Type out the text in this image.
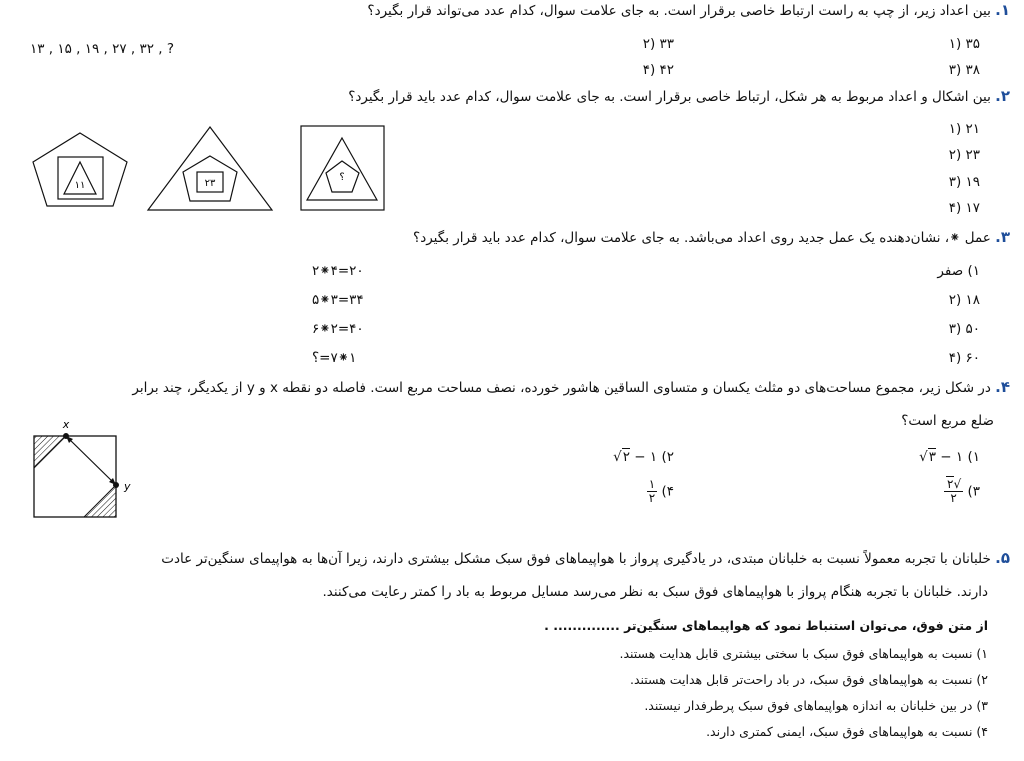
۱. بین اعداد زیر، از چپ به راست ارتباط خاصی برقرار است. به جای علامت سوال، کدام عدد می‌تواند قرار بگیرد؟
۱۳ , ۱۵ , ۱۹ , ۲۷ , ۳۲ , ?	۱) ۳۵
۲) ۳۳
۳) ۳۸
۴) ۴۲
۲. بین اشکال و اعداد مربوط به هر شکل، ارتباط خاصی برقرار است. به جای علامت سوال، کدام عدد باید قرار بگیرد؟
۱۱	۲۳
؟
۱) ۲۱
۲) ۲۳
۳) ۱۹
۴) ۱۷
۳. عمل ⁕، نشان‌دهنده یک عمل جدید روی اعداد می‌باشد. به جای علامت سوال، کدام عدد باید قرار بگیرد؟
۲⁕۴=۲۰
۵⁕۳=۳۴
۶⁕۲=۴۰
۱⁕۷=؟
۱) صفر
۲) ۱۸
۳) ۵۰
۴) ۶۰
۴. در شکل زیر، مجموع مساحت‌های دو مثلث یکسان و متساوی الساقین هاشور خورده، نصف مساحت مربع است. فاصله دو نقطه x و y از یکدیگر، چند برابر
ضلع مربع است؟
x
y
۱) √۳ − ۱
۲) √۲ − ۱
۳)
$\frac{√۲}{۲}$
۴)
$\frac{۱}{۲}$
۵. خلبانان با تجربه معمولاً نسبت به خلبانان مبتدی، در یادگیری پرواز با هواپیماهای فوق سبک مشکل بیشتری دارند، زیرا آن‌ها به هواپیمای سنگین‌تر عادت
دارند. خلبانان با تجربه هنگام پرواز با هواپیماهای فوق سبک به نظر می‌رسد مسایل مربوط به باد را کمتر رعایت می‌کنند.
از متن فوق، می‌توان استنباط نمود که هواپیماهای سنگین‌تر .............. .
۱) نسبت به هواپیماهای فوق سبک با سختی بیشتری قابل هدایت هستند.
۲) نسبت به هواپیماهای فوق سبک، در باد راحت‌تر قابل هدایت هستند.
۳) در بین خلبانان به اندازه هواپیماهای فوق سبک پرطرفدار نیستند.
۴) نسبت به هواپیماهای فوق سبک، ایمنی کمتری دارند.
